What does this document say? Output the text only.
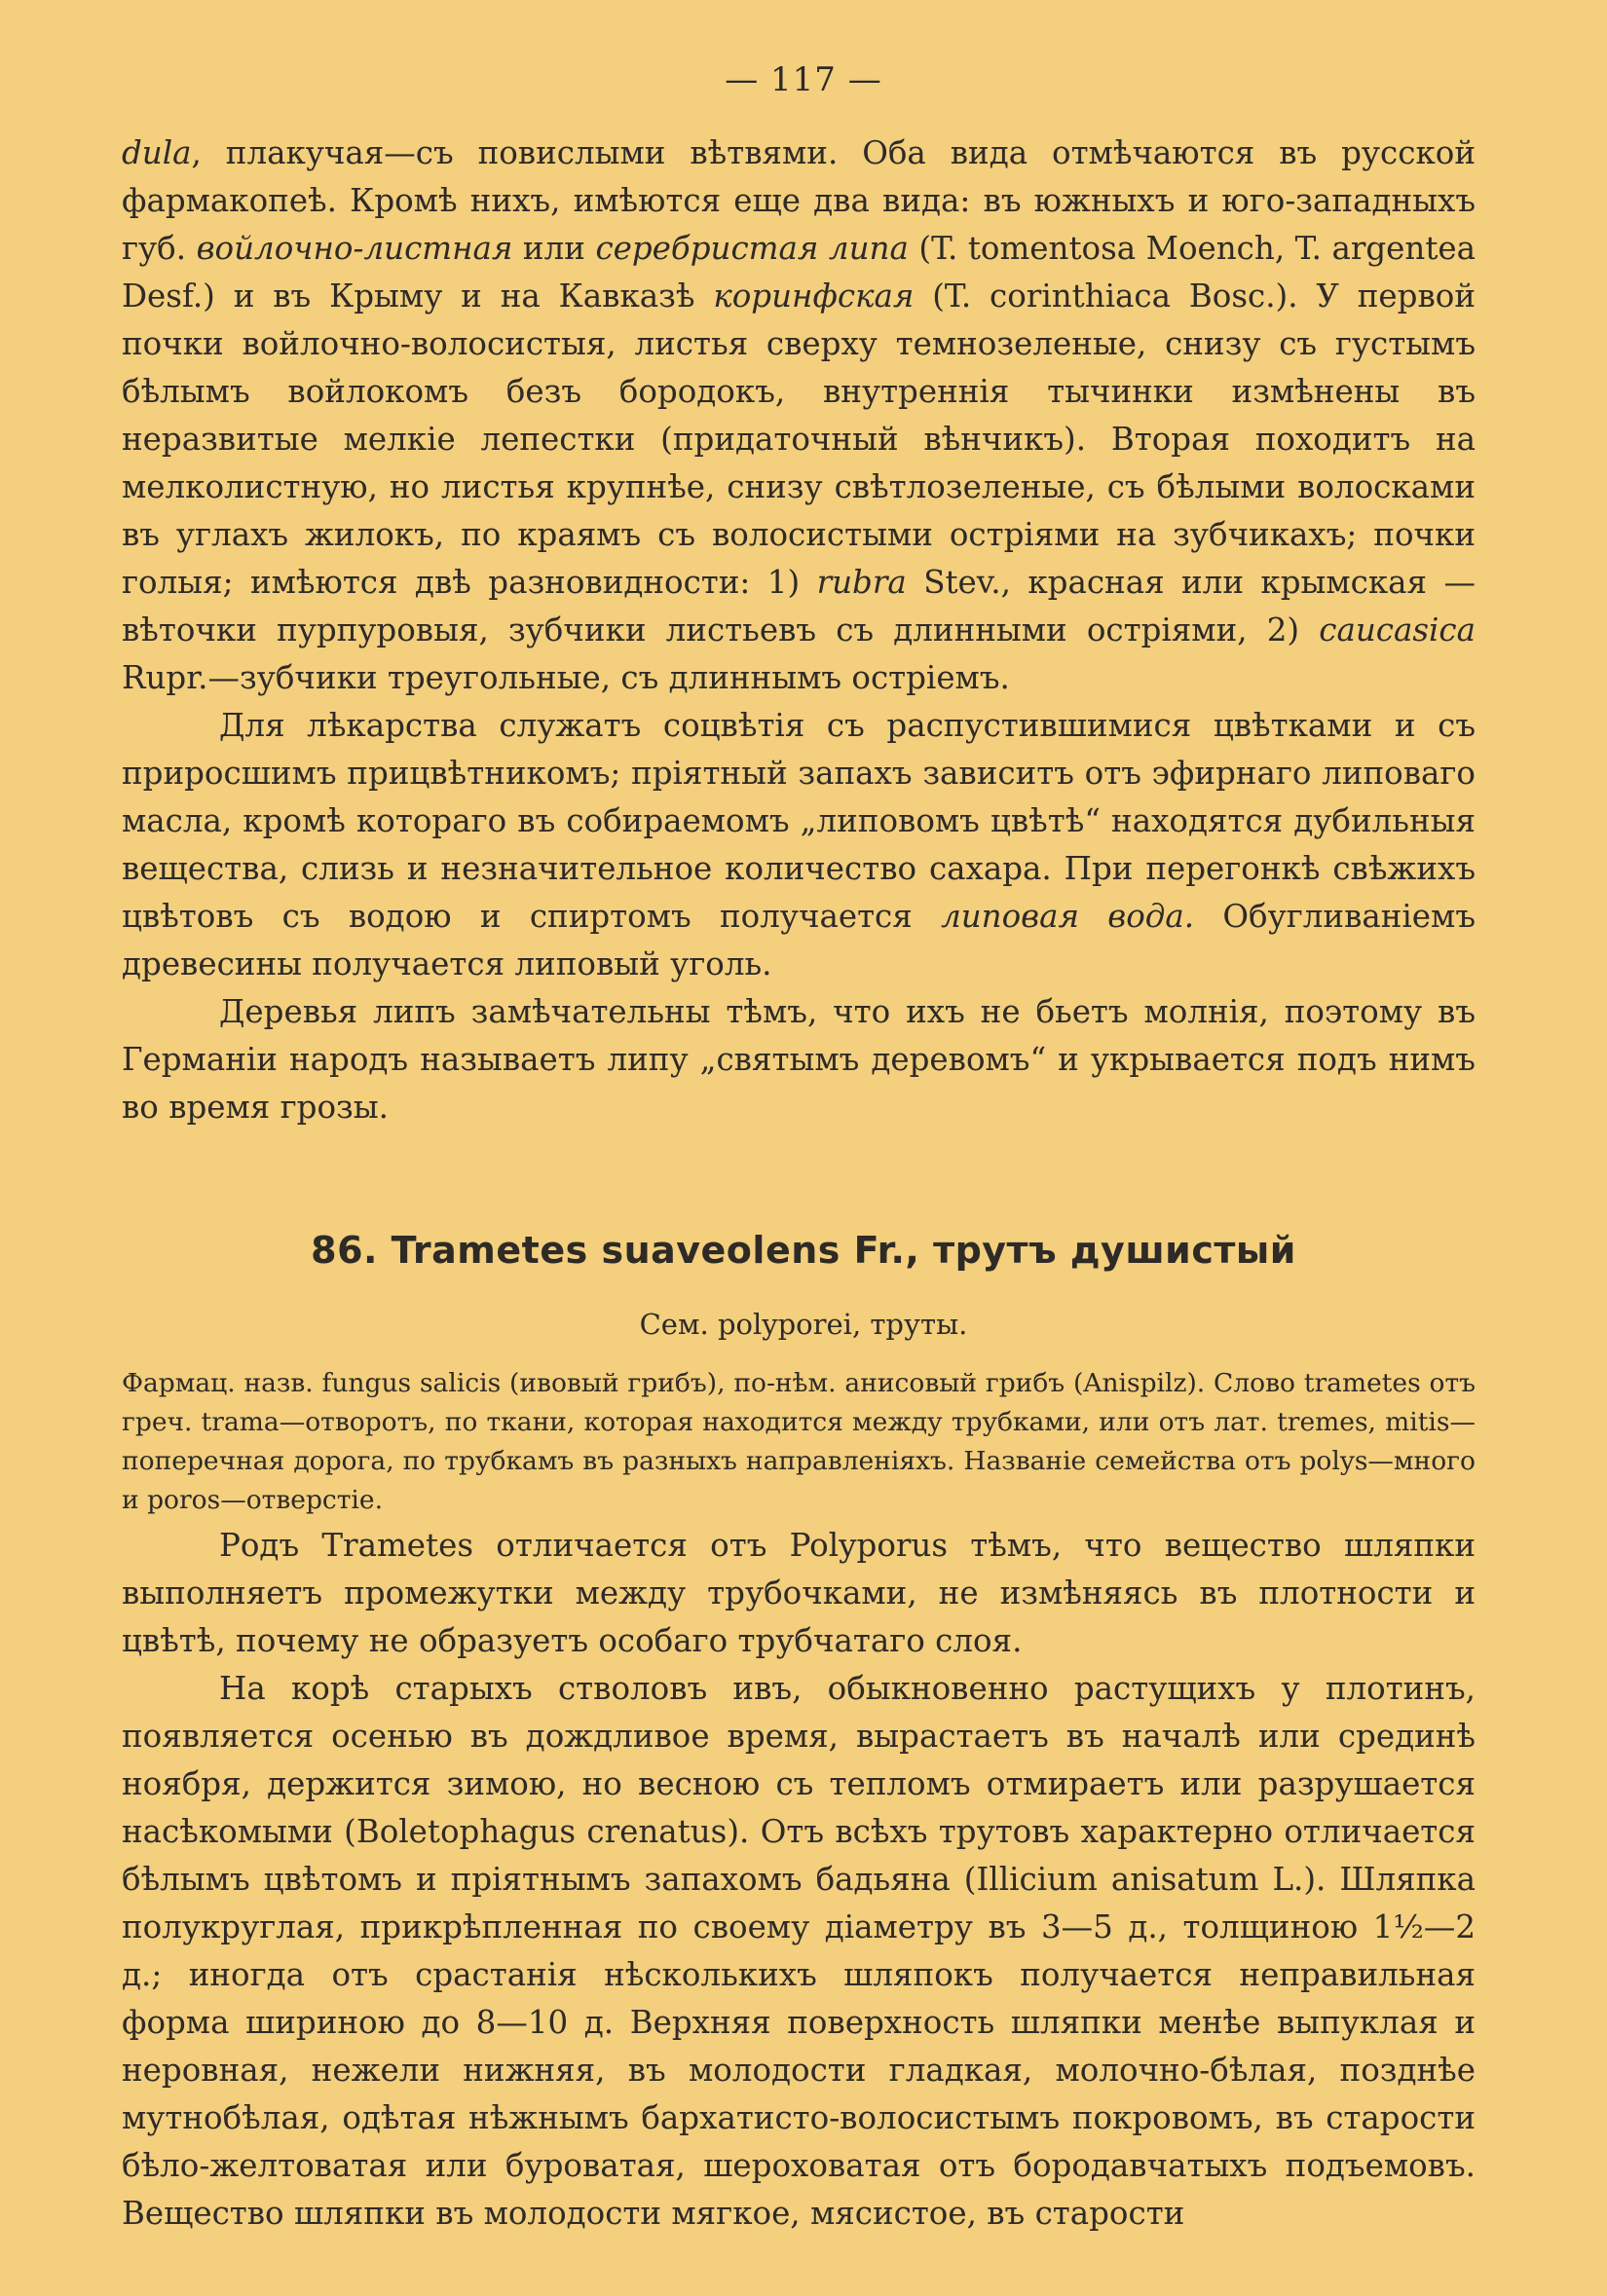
— 117 —

dula, плакучая—съ повислыми вѣтвями. Оба вида отмѣчаются въ русской фармакопеѣ. Кромѣ нихъ, имѣются еще два вида: въ южныхъ и юго-западныхъ губ. войлочно-листная или серебристая липа (T. tomentosa Moench, T. argentea Desf.) и въ Крыму и на Кавказѣ коринфская (T. corinthiaca Bosc.). У первой почки войлочно-волосистыя, листья сверху темнозеленые, снизу съ густымъ бѣлымъ войлокомъ безъ бородокъ, внутреннія тычинки измѣнены въ неразвитые мелкіе лепестки (придаточный вѣнчикъ). Вторая походитъ на мелколистную, но листья крупнѣе, снизу свѣтлозеленые, съ бѣлыми волосками въ углахъ жилокъ, по краямъ съ волосистыми остріями на зубчикахъ; почки голыя; имѣются двѣ разновидности: 1) rubra Stev., красная или крымская — вѣточки пурпуровыя, зубчики листьевъ съ длинными остріями, 2) caucasica Rupr.—зубчики треугольные, съ длиннымъ остріемъ.

Для лѣкарства служатъ соцвѣтія съ распустившимися цвѣтками и съ приросшимъ прицвѣтникомъ; пріятный запахъ зависитъ отъ эфирнаго липоваго масла, кромѣ котораго въ собираемомъ „липовомъ цвѣтѣ“ находятся дубильныя вещества, слизь и незначительное количество сахара. При перегонкѣ свѣжихъ цвѣтовъ съ водою и спиртомъ получается липовая вода. Обугливаніемъ древесины получается липовый уголь.

Деревья липъ замѣчательны тѣмъ, что ихъ не бьетъ молнія, поэтому въ Германіи народъ называетъ липу „святымъ деревомъ“ и укрывается подъ нимъ во время грозы.

86. Trametes suaveolens Fr., трутъ душистый
Сем. polyporei, труты.

Фармац. назв. fungus salicis (ивовый грибъ), по-нѣм. анисовый грибъ (Anispilz). Слово trametes отъ греч. trama—отворотъ, по ткани, которая находится между трубками, или отъ лат. tremes, mitis—поперечная дорога, по трубкамъ въ разныхъ направленіяхъ. Названіе семейства отъ polys—много и poros—отверстіе.

Родъ Trametes отличается отъ Polyporus тѣмъ, что вещество шляпки выполняетъ промежутки между трубочками, не измѣняясь въ плотности и цвѣтѣ, почему не образуетъ особаго трубчатаго слоя.

На корѣ старыхъ стволовъ ивъ, обыкновенно растущихъ у плотинъ, появляется осенью въ дождливое время, вырастаетъ въ началѣ или срединѣ ноября, держится зимою, но весною съ тепломъ отмираетъ или разрушается насѣкомыми (Boletophagus crenatus). Отъ всѣхъ трутовъ характерно отличается бѣлымъ цвѣтомъ и пріятнымъ запахомъ бадьяна (Illicium anisatum L.). Шляпка полукруглая, прикрѣпленная по своему діаметру въ 3—5 д., толщиною 1½—2 д.; иногда отъ срастанія нѣсколькихъ шляпокъ получается неправильная форма шириною до 8—10 д. Верхняя поверхность шляпки менѣе выпуклая и неровная, нежели нижняя, въ молодости гладкая, молочно-бѣлая, позднѣе мутнобѣлая, одѣтая нѣжнымъ бархатисто-волосистымъ покровомъ, въ старости бѣло-желтоватая или буроватая, шероховатая отъ бородавчатыхъ подъемовъ. Вещество шляпки въ молодости мягкое, мясистое, въ старости
